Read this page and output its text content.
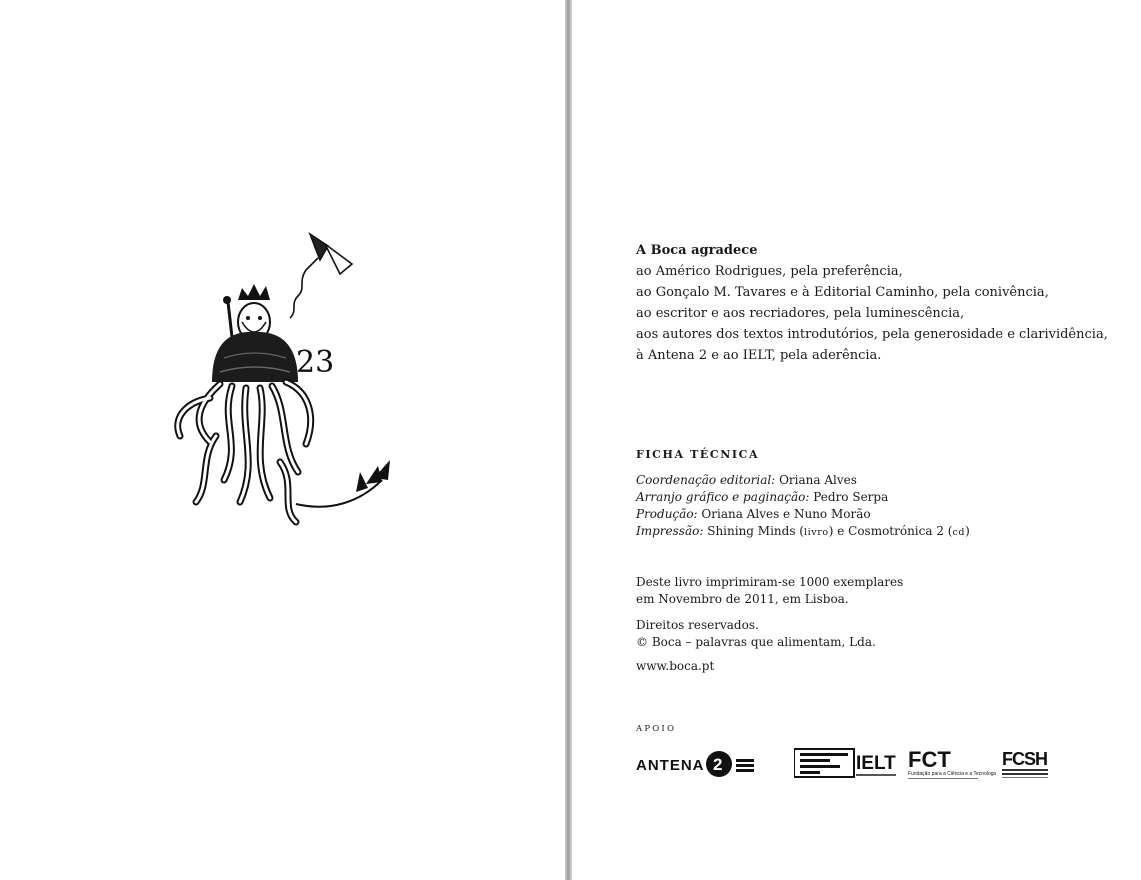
23
A Boca agradece
ao Américo Rodrigues, pela preferência,
ao Gonçalo M. Tavares e à Editorial Caminho, pela conivência,
ao escritor e aos recriadores, pela luminescência,
aos autores dos textos introdutórios, pela generosidade e clarividência,
à Antena 2 e ao IELT, pela aderência.
FICHA TÉCNICA
Coordenação editorial: Oriana Alves
Arranjo gráfico e paginação: Pedro Serpa
Produção: Oriana Alves e Nuno Morão
Impressão: Shining Minds (livro) e Cosmotrónica 2 (cd)
Deste livro imprimiram-se 1000 exemplares
em Novembro de 2011, em Lisboa.
Direitos reservados.
© Boca – palavras que alimentam, Lda.
www.boca.pt
APOIO
ANTENA 2	IELT FCT
Fundação para a Ciência e a Tecnologia
FCSH
